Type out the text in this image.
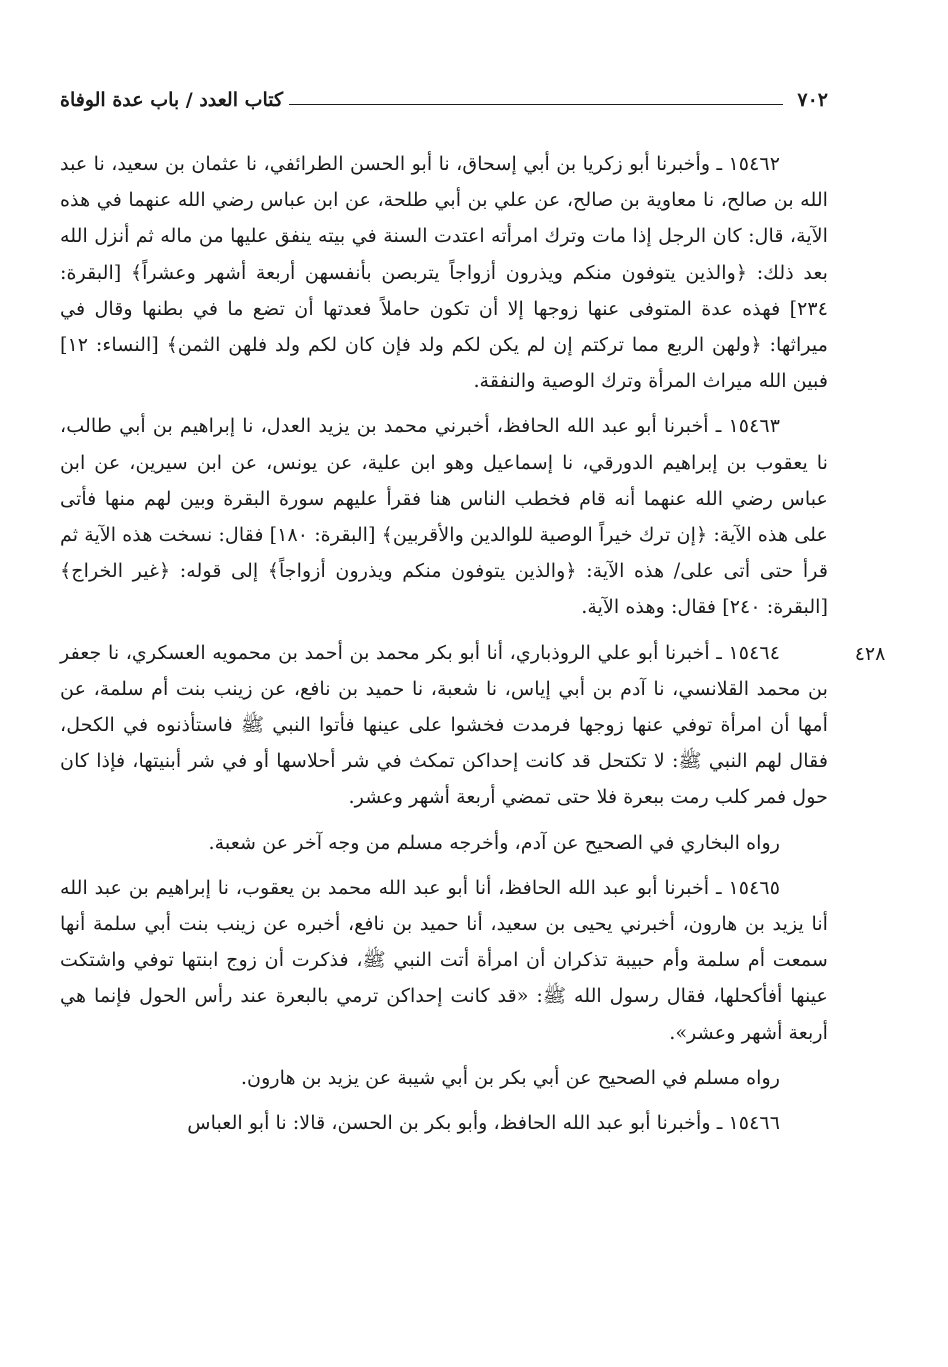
٧٠٢
كتاب العدد / باب عدة الوفاة
٤٢٨

١٥٤٦٢ ـ وأخبرنا أبو زكريا بن أبي إسحاق، نا أبو الحسن الطرائفي، نا عثمان بن سعيد، نا عبد الله بن صالح، نا معاوية بن صالح، عن علي بن أبي طلحة، عن ابن عباس رضي الله عنهما في هذه الآية، قال: كان الرجل إذا مات وترك امرأته اعتدت السنة في بيته ينفق عليها من ماله ثم أنزل الله بعد ذلك: ﴿والذين يتوفون منكم ويذرون أزواجاً يتربصن بأنفسهن أربعة أشهر وعشراً﴾ [البقرة: ٢٣٤] فهذه عدة المتوفى عنها زوجها إلا أن تكون حاملاً فعدتها أن تضع ما في بطنها وقال في ميراثها: ﴿ولهن الربع مما تركتم إن لم يكن لكم ولد فإن كان لكم ولد فلهن الثمن﴾ [النساء: ١٢] فبين الله ميراث المرأة وترك الوصية والنفقة.

١٥٤٦٣ ـ أخبرنا أبو عبد الله الحافظ، أخبرني محمد بن يزيد العدل، نا إبراهيم بن أبي طالب، نا يعقوب بن إبراهيم الدورقي، نا إسماعيل وهو ابن علية، عن يونس، عن ابن سيرين، عن ابن عباس رضي الله عنهما أنه قام فخطب الناس هنا فقرأ عليهم سورة البقرة وبين لهم منها فأتى على هذه الآية: ﴿إن ترك خيراً الوصية للوالدين والأقربين﴾ [البقرة: ١٨٠] فقال: نسخت هذه الآية ثم قرأ حتى أتى على/ هذه الآية: ﴿والذين يتوفون منكم ويذرون أزواجاً﴾ إلى قوله: ﴿غير الخراج﴾ [البقرة: ٢٤٠] فقال: وهذه الآية.

١٥٤٦٤ ـ أخبرنا أبو علي الروذباري، أنا أبو بكر محمد بن أحمد بن محمويه العسكري، نا جعفر بن محمد القلانسي، نا آدم بن أبي إياس، نا شعبة، نا حميد بن نافع، عن زينب بنت أم سلمة، عن أمها أن امرأة توفي عنها زوجها فرمدت فخشوا على عينها فأتوا النبي ﷺ فاستأذنوه في الكحل، فقال لهم النبي ﷺ: لا تكتحل قد كانت إحداكن تمكث في شر أحلاسها أو في شر أبنيتها، فإذا كان حول فمر كلب رمت ببعرة فلا حتى تمضي أربعة أشهر وعشر.

رواه البخاري في الصحيح عن آدم، وأخرجه مسلم من وجه آخر عن شعبة.

١٥٤٦٥ ـ أخبرنا أبو عبد الله الحافظ، أنا أبو عبد الله محمد بن يعقوب، نا إبراهيم بن عبد الله أنا يزيد بن هارون، أخبرني يحيى بن سعيد، أنا حميد بن نافع، أخبره عن زينب بنت أبي سلمة أنها سمعت أم سلمة وأم حبيبة تذكران أن امرأة أتت النبي ﷺ، فذكرت أن زوج ابنتها توفي واشتكت عينها أفأكحلها، فقال رسول الله ﷺ: «قد كانت إحداكن ترمي بالبعرة عند رأس الحول فإنما هي أربعة أشهر وعشر».

رواه مسلم في الصحيح عن أبي بكر بن أبي شيبة عن يزيد بن هارون.

١٥٤٦٦ ـ وأخبرنا أبو عبد الله الحافظ، وأبو بكر بن الحسن، قالا: نا أبو العباس
